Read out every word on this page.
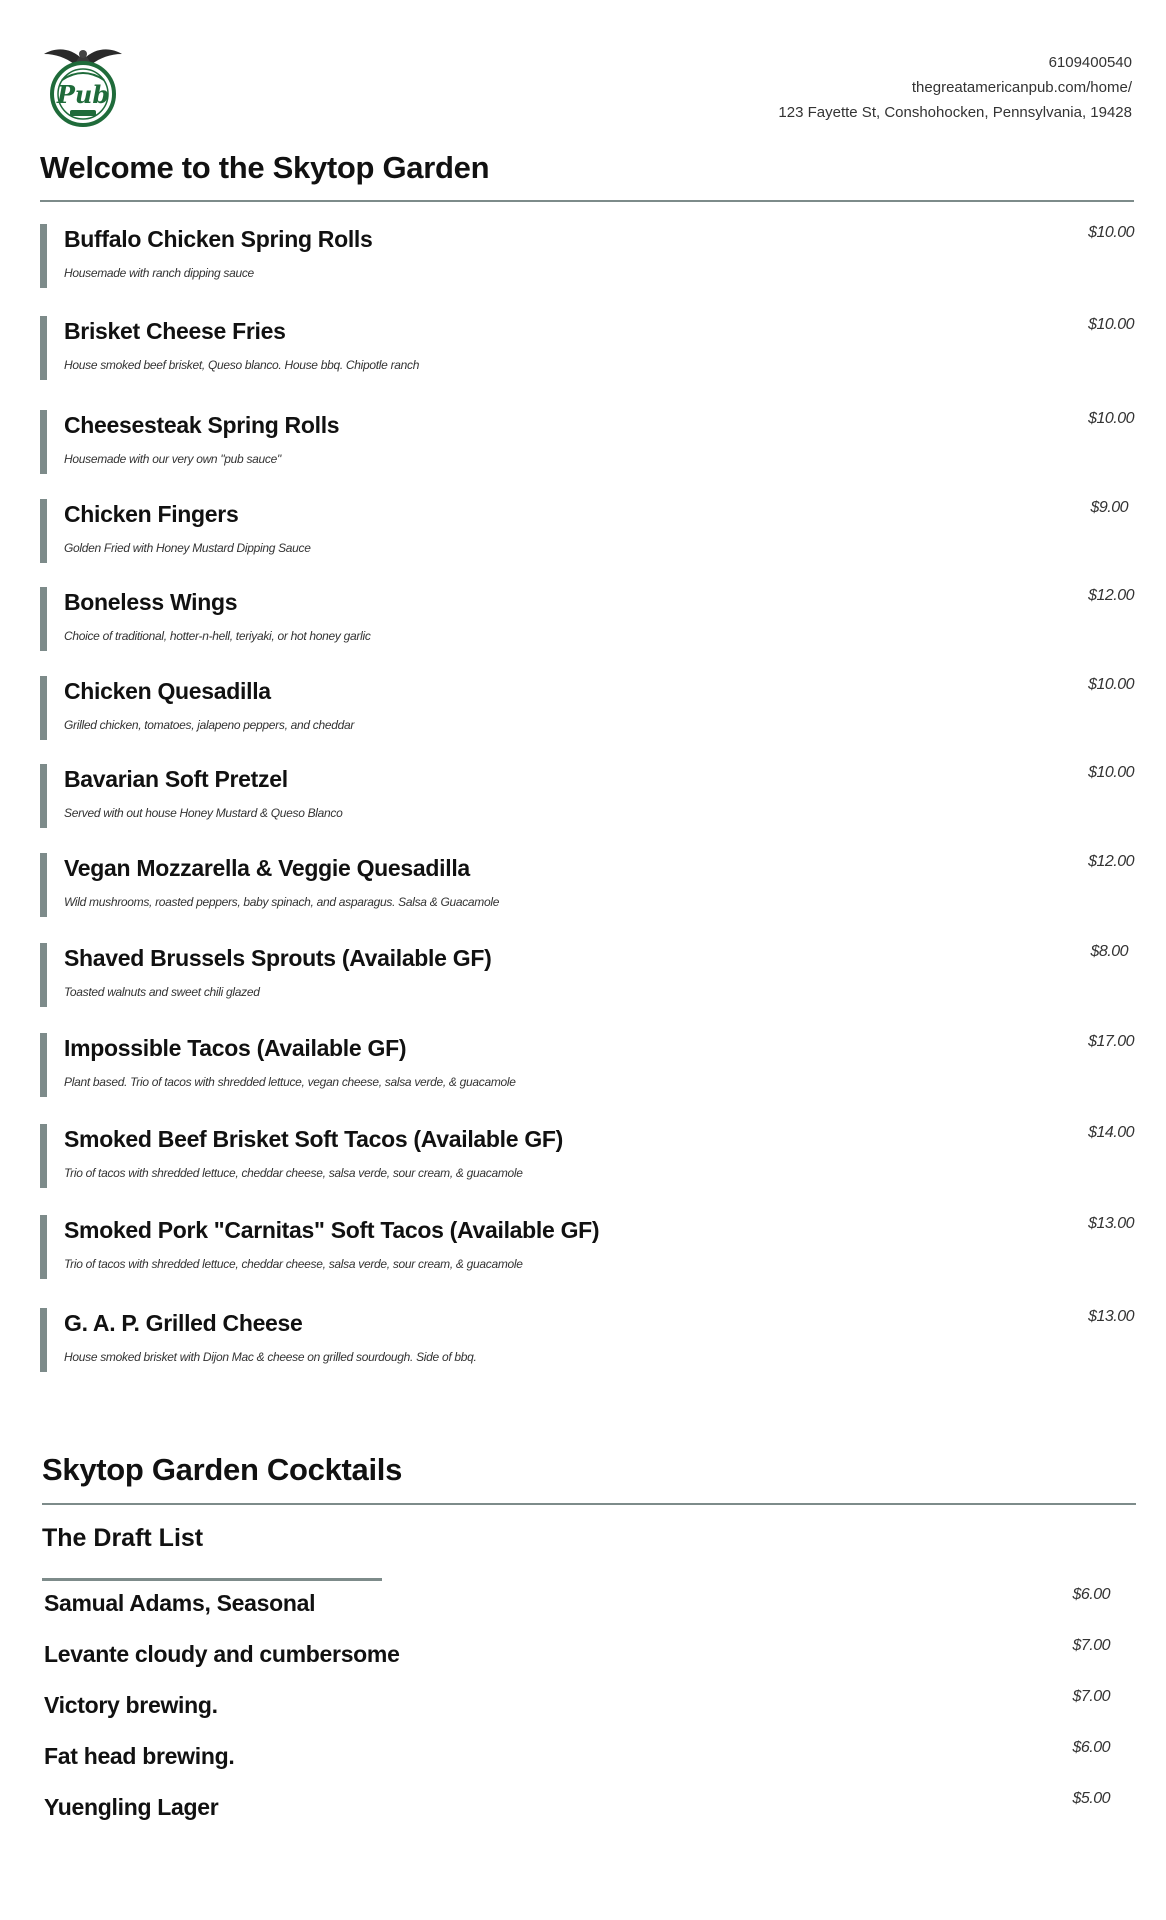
Pub
6109400540
thegreatamericanpub.com/home/
123 Fayette St, Conshohocken, Pennsylvania, 19428
Welcome to the Skytop Garden
Buffalo Chicken Spring Rolls
Housemade with ranch dipping sauce
$10.00
Brisket Cheese Fries
House smoked beef brisket, Queso blanco. House bbq. Chipotle ranch
$10.00
Cheesesteak Spring Rolls
Housemade with our very own "pub sauce"
$10.00
Chicken Fingers
Golden Fried with Honey Mustard Dipping Sauce
$9.00
Boneless Wings
Choice of traditional, hotter-n-hell, teriyaki, or hot honey garlic
$12.00
Chicken Quesadilla
Grilled chicken, tomatoes, jalapeno peppers, and cheddar
$10.00
Bavarian Soft Pretzel
Served with out house Honey Mustard & Queso Blanco
$10.00
Vegan Mozzarella & Veggie Quesadilla
Wild mushrooms, roasted peppers, baby spinach, and asparagus. Salsa & Guacamole
$12.00
Shaved Brussels Sprouts (Available GF)
Toasted walnuts and sweet chili glazed
$8.00
Impossible Tacos (Available GF)
Plant based. Trio of tacos with shredded lettuce, vegan cheese, salsa verde, & guacamole
$17.00
Smoked Beef Brisket Soft Tacos (Available GF)
Trio of tacos with shredded lettuce, cheddar cheese, salsa verde, sour cream, & guacamole
$14.00
Smoked Pork "Carnitas" Soft Tacos (Available GF)
Trio of tacos with shredded lettuce, cheddar cheese, salsa verde, sour cream, & guacamole
$13.00
G. A. P. Grilled Cheese
House smoked brisket with Dijon Mac & cheese on grilled sourdough. Side of bbq.
$13.00
Skytop Garden Cocktails
The Draft List
Samual Adams, Seasonal	$6.00
Levante cloudy and cumbersome	$7.00
Victory brewing.	$7.00
Fat head brewing.	$6.00
Yuengling Lager	$5.00
